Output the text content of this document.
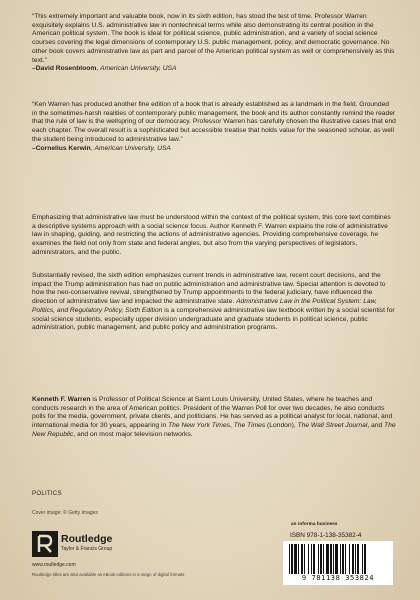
“This extremely important and valuable book, now in its sixth edition, has stood the test of time. Professor Warren exquisitely explains U.S. administrative law in nontechnical terms while also demonstrating its central position in the American political system. The book is ideal for political science, public administration, and a variety of social science courses covering the legal dimensions of contemporary U.S. public management, policy, and democratic governance. No other book covers administrative law as part and parcel of the American political system as well or comprehensively as this text.”

–David Rosenbloom, American University, USA

“Ken Warren has produced another fine edition of a book that is already established as a landmark in the field. Grounded in the sometimes-harsh realities of contemporary public management, the book and its author constantly remind the reader that the rule of law is the wellspring of our democracy. Professor Warren has carefully chosen the illustrative cases that end each chapter. The overall result is a sophisticated but accessible treatise that holds value for the seasoned scholar, as well the student being introduced to administrative law.”

–Cornelius Kerwin, American University, USA

Emphasizing that administrative law must be understood within the context of the political system, this core text combines a descriptive systems approach with a social science focus. Author Kenneth F. Warren explains the role of administrative law in shaping, guiding, and restricting the actions of administrative agencies. Providing comprehensive coverage, he examines the field not only from state and federal angles, but also from the varying perspectives of legislators, administrators, and the public.

Substantially revised, the sixth edition emphasizes current trends in administrative law, recent court decisions, and the impact the Trump administration has had on public administration and administrative law. Special attention is devoted to how the neo-conservative revival, strengthened by Trump appointments to the federal judiciary, have influenced the direction of administrative law and impacted the administrative state. Administrative Law in the Political System: Law, Politics, and Regulatory Policy, Sixth Edition is a comprehensive administrative law textbook written by a social scientist for social science students, especially upper division undergraduate and graduate students in political science, public administration, public management, and public policy and administration programs.

Kenneth F. Warren is Professor of Political Science at Saint Louis University, United States, where he teaches and conducts research in the area of American politics. President of the Warren Poll for over two decades, he also conducts polls for the media, government, private clients, and politicians. He has served as a political analyst for local, national, and international media for 30 years, appearing in The New York Times, The Times (London), The Wall Street Journal, and The New Republic, and on most major television networks.

POLITICS
Cover image: © Getty Images
an informa business
Routledge
Taylor & Francis Group
www.routledge.com
Routledge titles are also available as eBook editions in a range of digital formats
ISBN 978-1-138-35382-4
9 781138 353824
